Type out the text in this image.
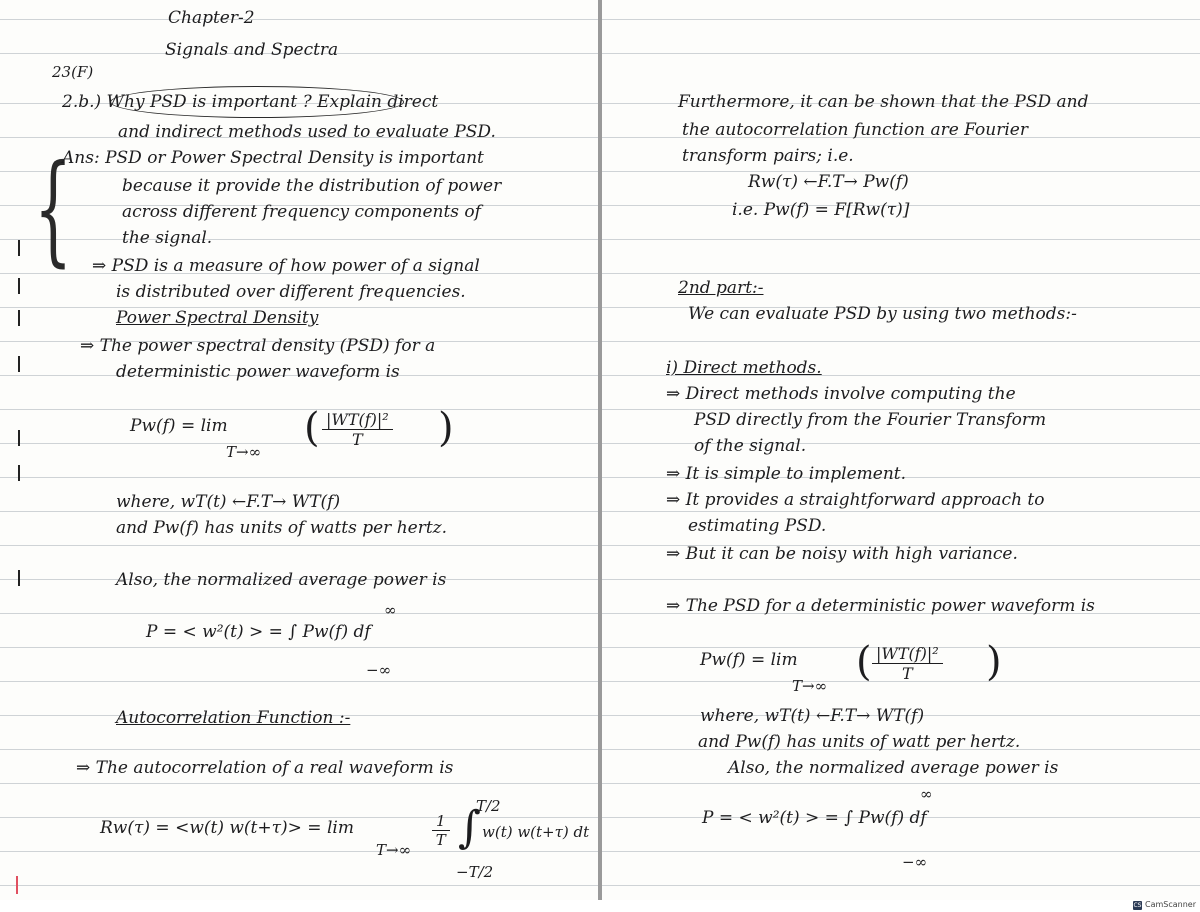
Chapter-2
Signals and Spectra
23(F)
2.b.) Why PSD is important ? Explain direct
and indirect methods used to evaluate PSD.
{
Ans: PSD or Power Spectral Density is important
because it provide the distribution of power
across different frequency components of
the signal.
⇒ PSD is a measure of how power of a signal
is distributed over different frequencies.
Power Spectral Density
⇒ The power spectral density (PSD) for a
deterministic power waveform is
Pw(f) = lim
T→∞
( $\frac{\text{|WT(f)|²}}{T}$ )
where, wT(t) ←F.T→ WT(f)
and Pw(f) has units of watts per hertz.
Also, the normalized average power is
∞
P = < w²(t) > = ∫ Pw(f) df
−∞
Autocorrelation Function :-
⇒ The autocorrelation of a real waveform is
T/2
Rw(τ) = <w(t) w(t+τ)> = lim
T→∞
$\frac{1}{T}$ ∫ w(t) w(t+τ) dt
−T/2
Furthermore, it can be shown that the PSD and
the autocorrelation function are Fourier
transform pairs; i.e.
Rw(τ) ←F.T→ Pw(f)
i.e. Pw(f) = F[Rw(τ)]
2nd part:-
We can evaluate PSD by using two methods:-
i) Direct methods.
⇒ Direct methods involve computing the
PSD directly from the Fourier Transform
of the signal.
⇒ It is simple to implement.
⇒ It provides a straightforward approach to
estimating PSD.
⇒ But it can be noisy with high variance.
⇒ The PSD for a deterministic power waveform is
Pw(f) = lim
T→∞
( $\frac{\text{|WT(f)|²}}{T}$ )
where, wT(t) ←F.T→ WT(f)
and Pw(f) has units of watt per hertz.
Also, the normalized average power is
∞
P = < w²(t) > = ∫ Pw(f) df
−∞
CS CamScanner
